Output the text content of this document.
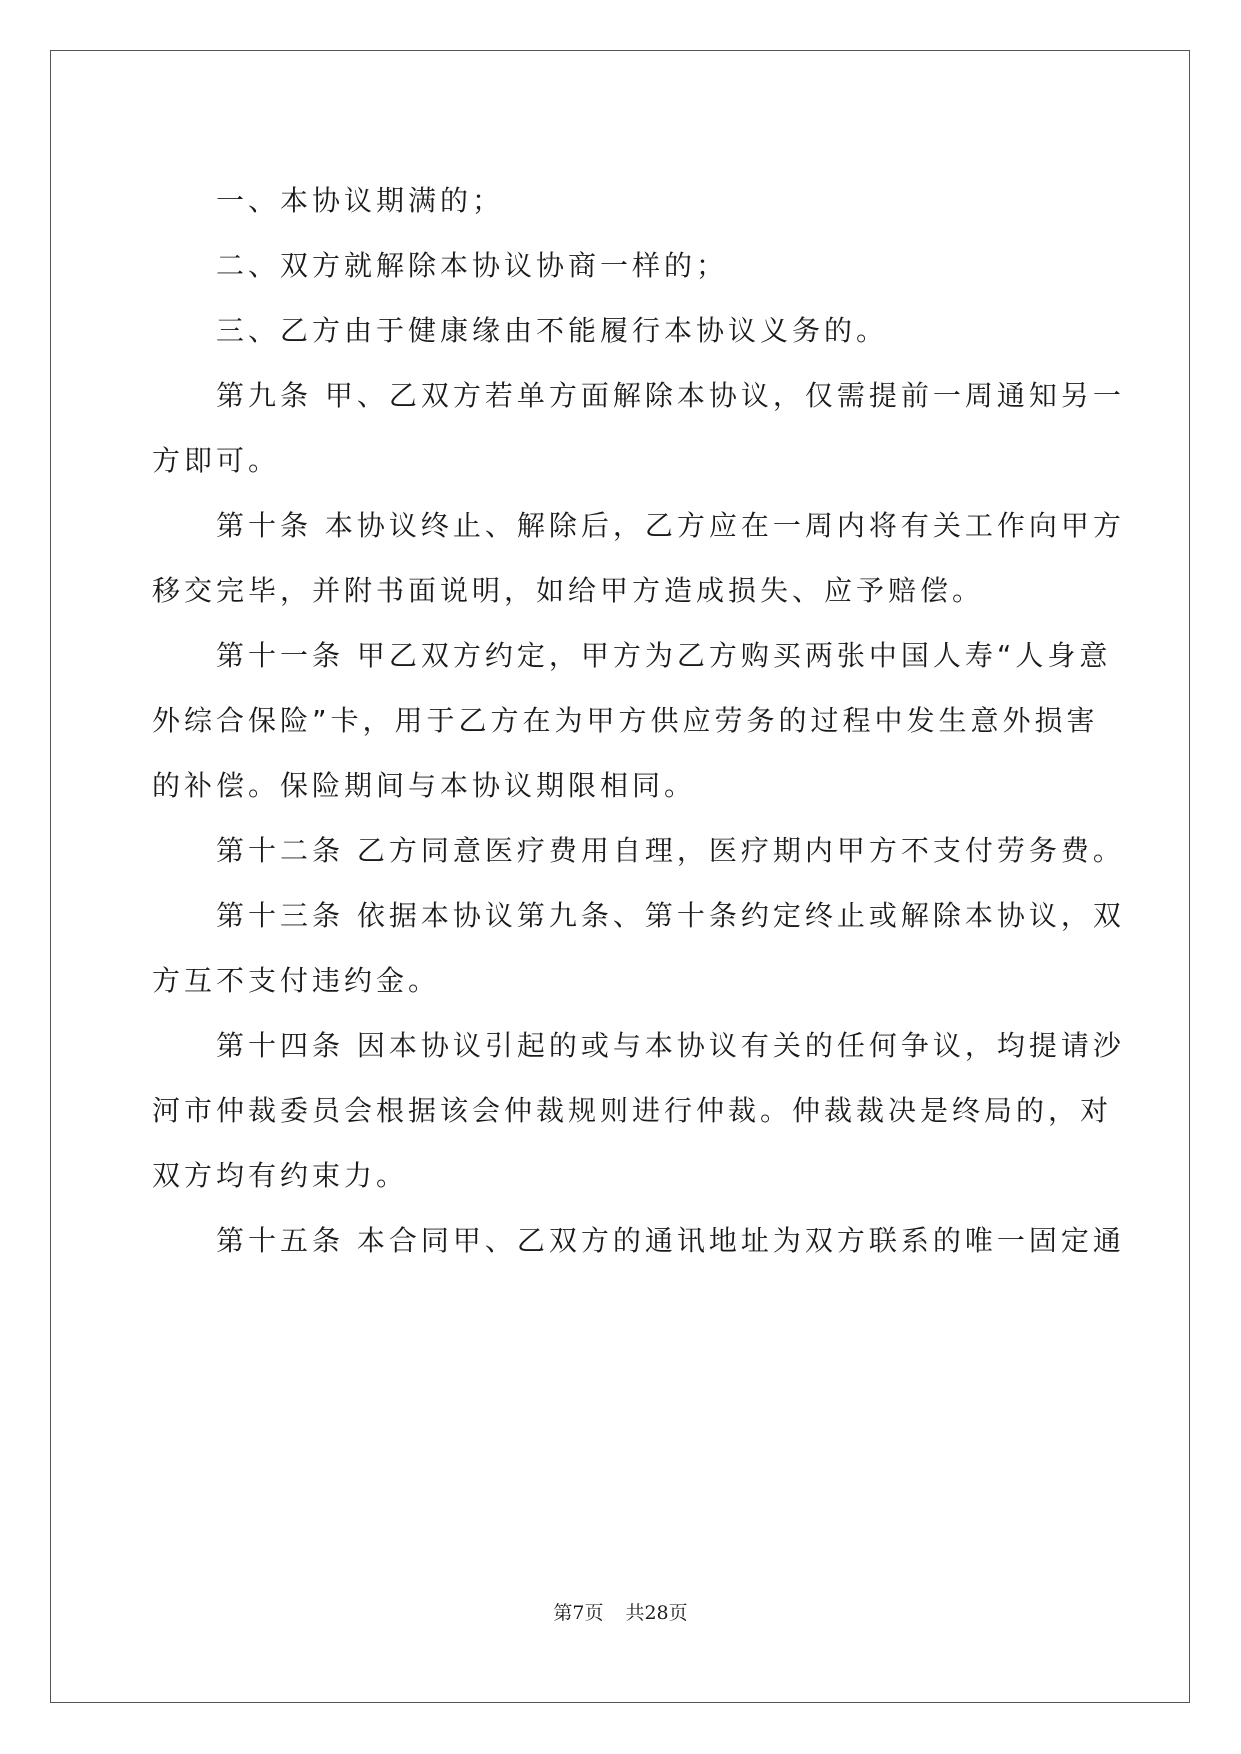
一、本协议期满的；

二、双方就解除本协议协商一样的；

三、乙方由于健康缘由不能履行本协议义务的。

第九条 甲、乙双方若单方面解除本协议，仅需提前一周通知另一

方即可。

第十条 本协议终止、解除后，乙方应在一周内将有关工作向甲方

移交完毕，并附书面说明，如给甲方造成损失、应予赔偿。

第十一条 甲乙双方约定，甲方为乙方购买两张中国人寿“人身意

外综合保险”卡，用于乙方在为甲方供应劳务的过程中发生意外损害

的补偿。保险期间与本协议期限相同。

第十二条 乙方同意医疗费用自理，医疗期内甲方不支付劳务费。

第十三条 依据本协议第九条、第十条约定终止或解除本协议，双

方互不支付违约金。

第十四条 因本协议引起的或与本协议有关的任何争议，均提请沙

河市仲裁委员会根据该会仲裁规则进行仲裁。仲裁裁决是终局的，对

双方均有约束力。

第十五条 本合同甲、乙双方的通讯地址为双方联系的唯一固定通

第7页 共28页
